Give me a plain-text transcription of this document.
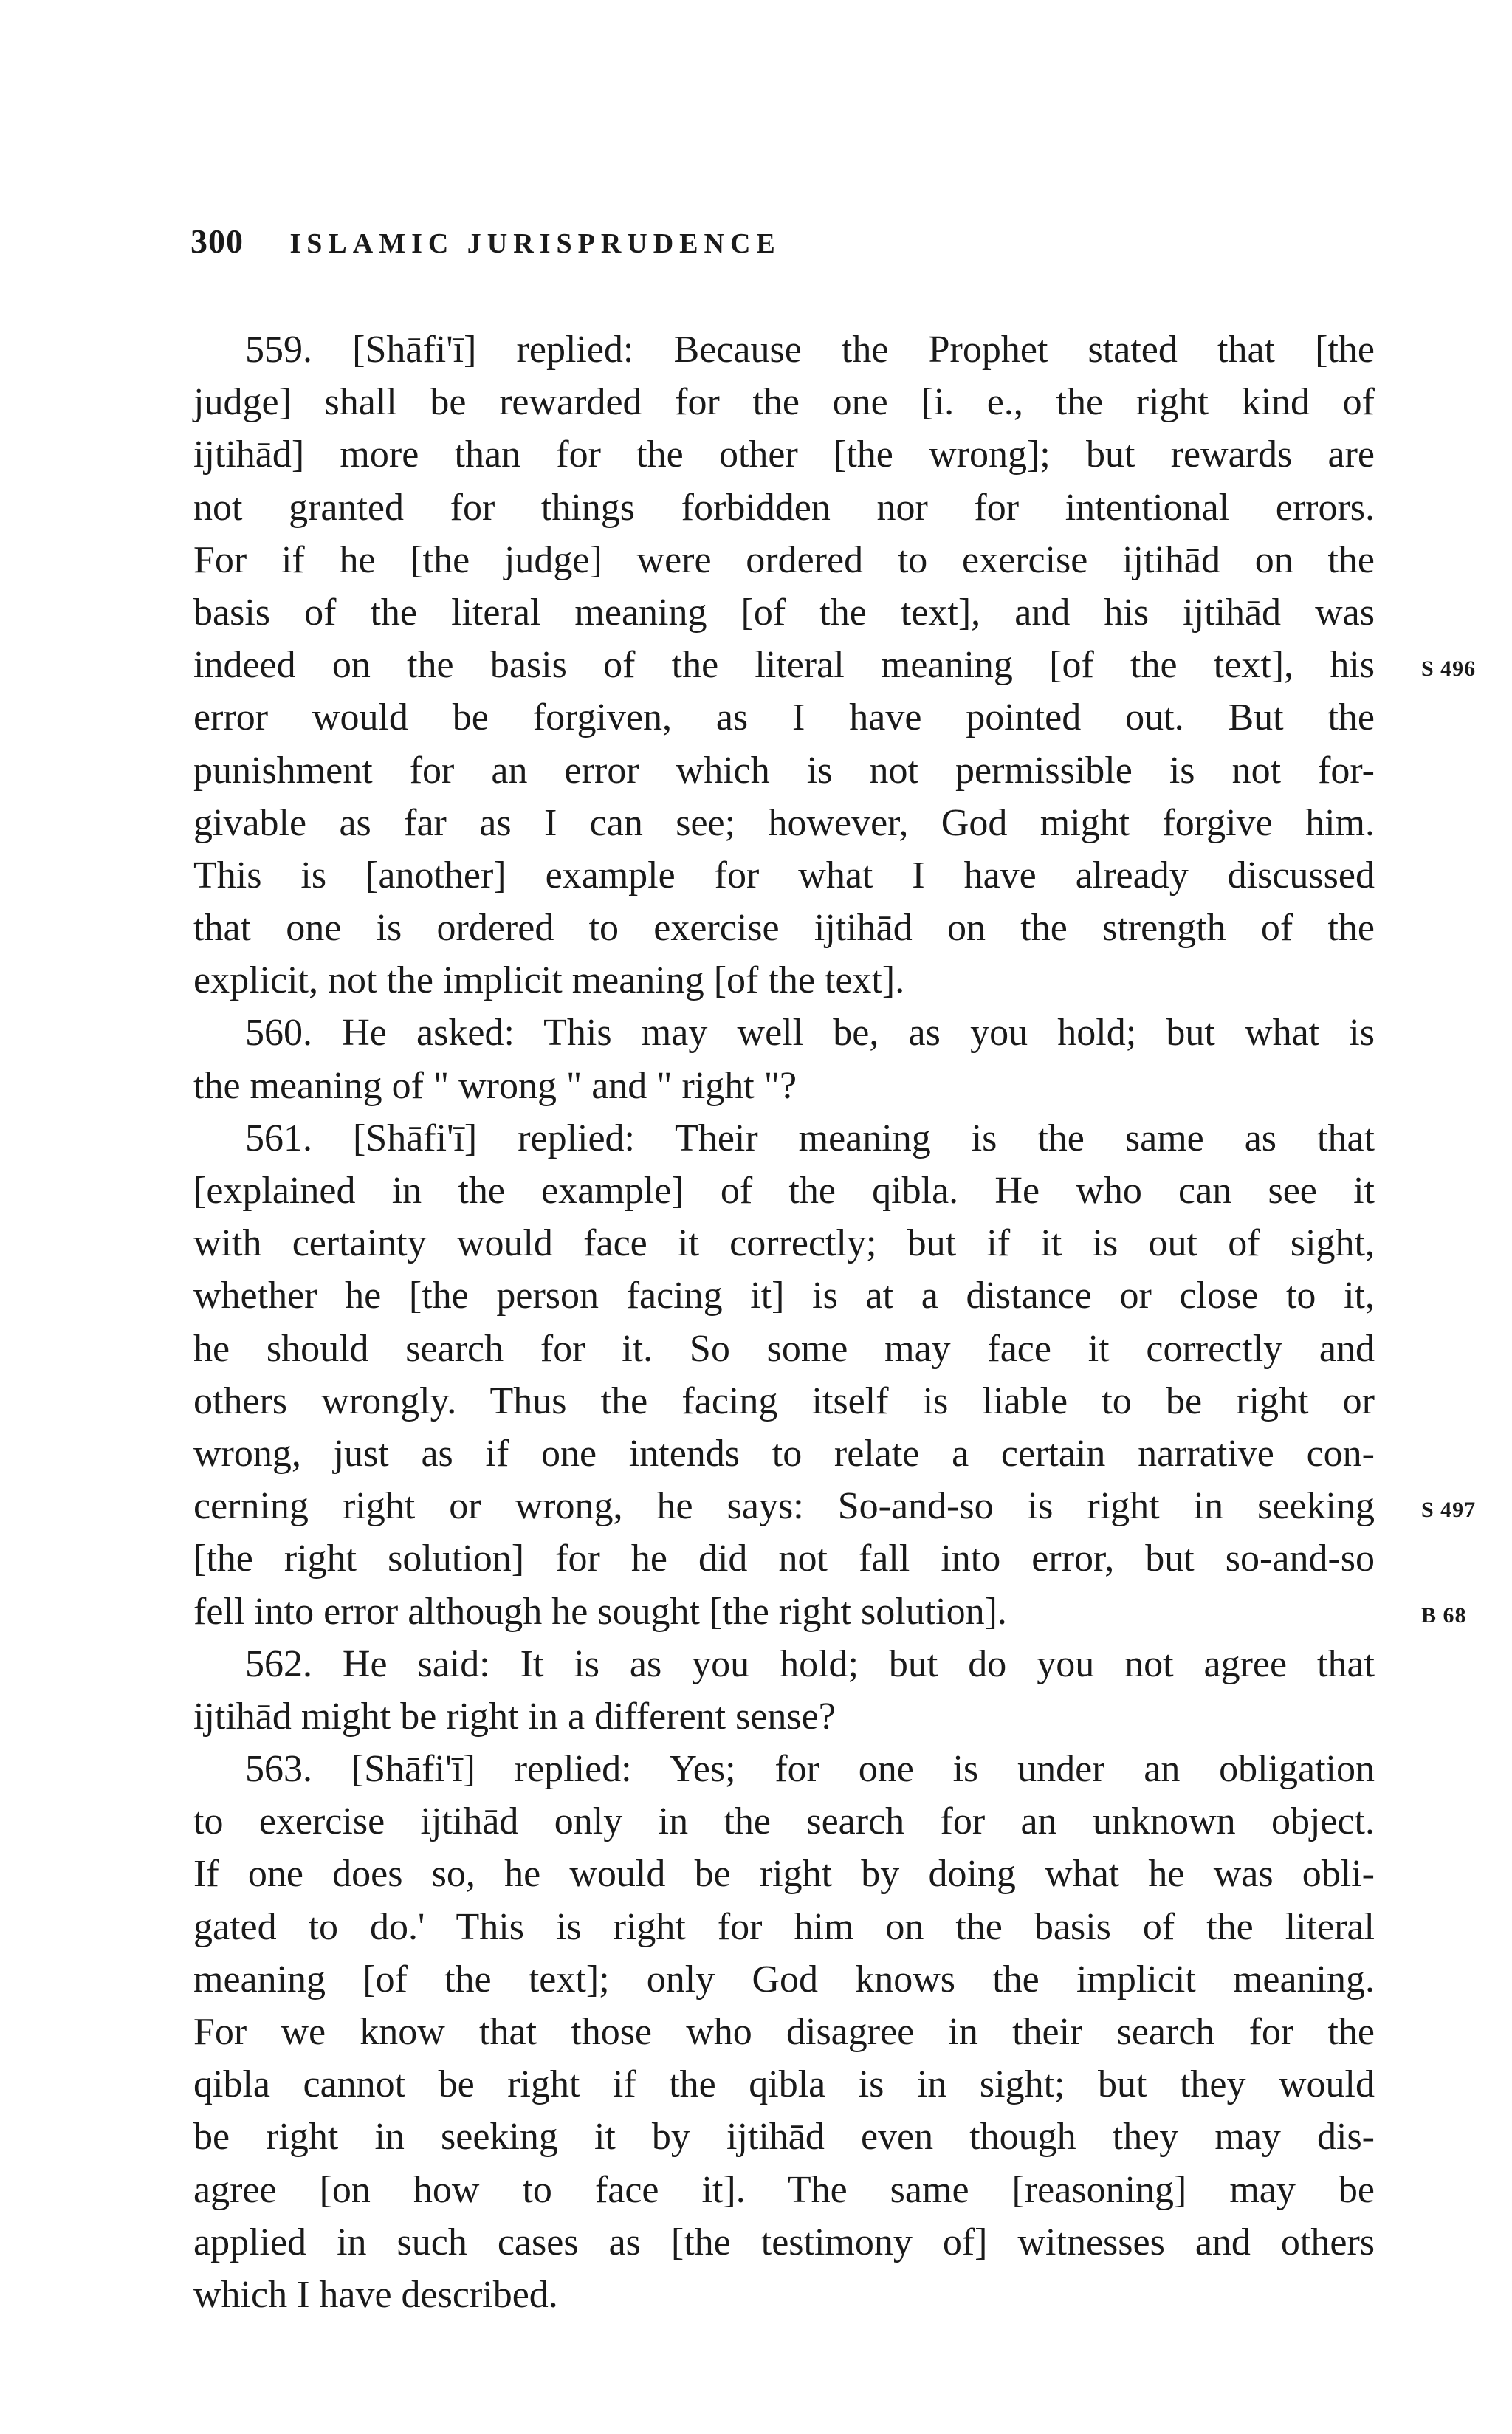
300 ISLAMIC JURISPRUDENCE
559. [Shāfi'ī] replied: Because the Prophet stated that [the
judge] shall be rewarded for the one [i. e., the right kind of
ijtihād] more than for the other [the wrong]; but rewards are
not granted for things forbidden nor for intentional errors.
For if he [the judge] were ordered to exercise ijtihād on the
basis of the literal meaning [of the text], and his ijtihād was
indeed on the basis of the literal meaning [of the text], his
error would be forgiven, as I have pointed out. But the
punishment for an error which is not permissible is not for-
givable as far as I can see; however, God might forgive him.
This is [another] example for what I have already discussed
that one is ordered to exercise ijtihād on the strength of the
explicit, not the implicit meaning [of the text].
560. He asked: This may well be, as you hold; but what is
the meaning of " wrong " and " right "?
561. [Shāfi'ī] replied: Their meaning is the same as that
[explained in the example] of the qibla. He who can see it
with certainty would face it correctly; but if it is out of sight,
whether he [the person facing it] is at a distance or close to it,
he should search for it. So some may face it correctly and
others wrongly. Thus the facing itself is liable to be right or
wrong, just as if one intends to relate a certain narrative con-
cerning right or wrong, he says: So-and-so is right in seeking
[the right solution] for he did not fall into error, but so-and-so
fell into error although he sought [the right solution].
562. He said: It is as you hold; but do you not agree that
ijtihād might be right in a different sense?
563. [Shāfi'ī] replied: Yes; for one is under an obligation
to exercise ijtihād only in the search for an unknown object.
If one does so, he would be right by doing what he was obli-
gated to do.' This is right for him on the basis of the literal
meaning [of the text]; only God knows the implicit meaning.
For we know that those who disagree in their search for the
qibla cannot be right if the qibla is in sight; but they would
be right in seeking it by ijtihād even though they may dis-
agree [on how to face it]. The same [reasoning] may be
applied in such cases as [the testimony of] witnesses and others
which I have described.
S 496
S 497
B 68
